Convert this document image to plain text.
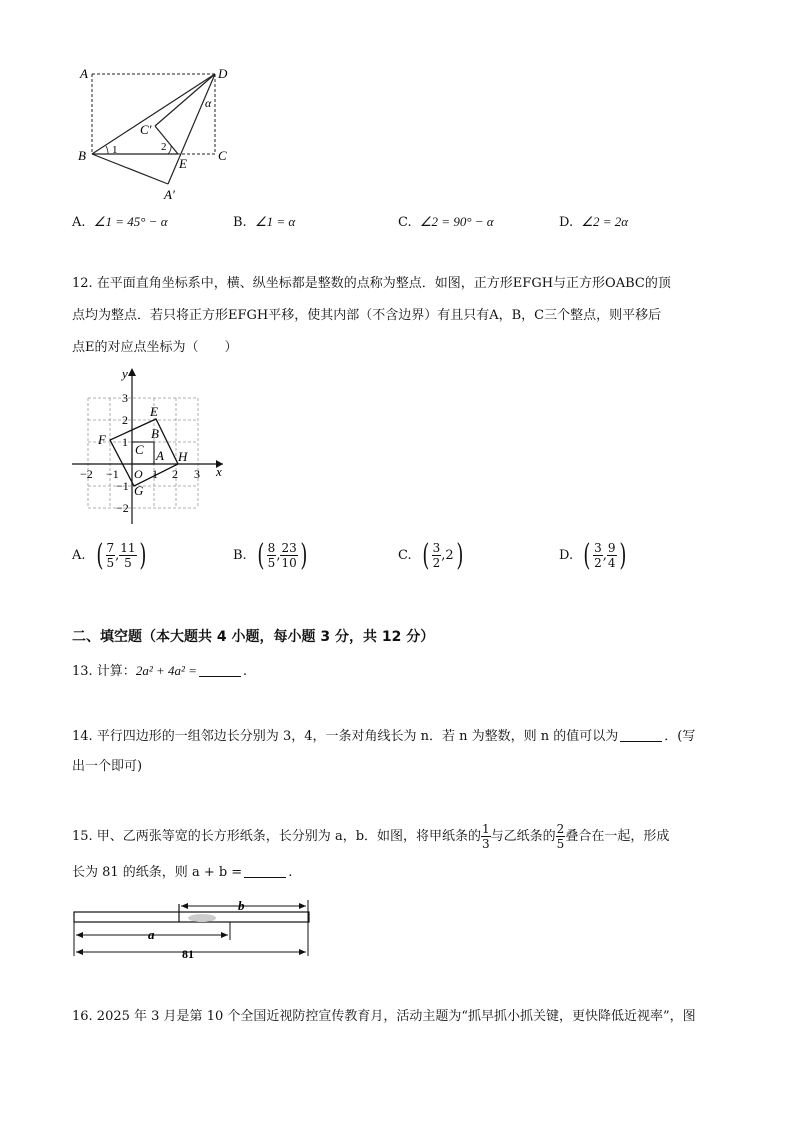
A	D
α
C′
2
B 1
E
C
A′
A. ∠1 = 45° − α	B. ∠1 = α	C. ∠2 = 90° − α	D. ∠2 = 2α
12. 在平面直角坐标系中，横、纵坐标都是整数的点称为整点．如图，正方形EFGH与正方形OABC的顶
点均为整点．若只将正方形EFGH平移，使其内部（不含边界）有且只有A，B，C三个整点，则平移后
点E的对应点坐标为（　　）
−2 −1 O 1 2 3 x
y
3
2
1
−1
−2
E
F	B
C A H
G
A. ( $\frac{7}{5}$ , $\frac{11}{5}$ )	B. ( $\frac{8}{5}$ , $\frac{23}{10}$ )	C. ( $\frac{3}{2} ,2$)	D. ( $\frac{3}{2}$ , $\frac{9}{4}$ )
二、填空题（本大题共 4 小题，每小题 3 分，共 12 分）
13. 计算：2a² + 4a² =	.
14. 平行四边形的一组邻边长分别为 3，4，一条对角线长为 n．若 n 为整数，则 n 的值可以为	．(写
出一个即可)
15. 甲、乙两张等宽的长方形纸条，长分别为 a，b．如图，将甲纸条的 $\frac{1}{3}$ 与乙纸条的 $\frac{2}{5}$ 叠合在一起，形成
长为 81 的纸条，则 a + b =	.
b
a
81
16. 2025 年 3 月是第 10 个全国近视防控宣传教育月，活动主题为“抓早抓小抓关键，更快降低近视率”，图
